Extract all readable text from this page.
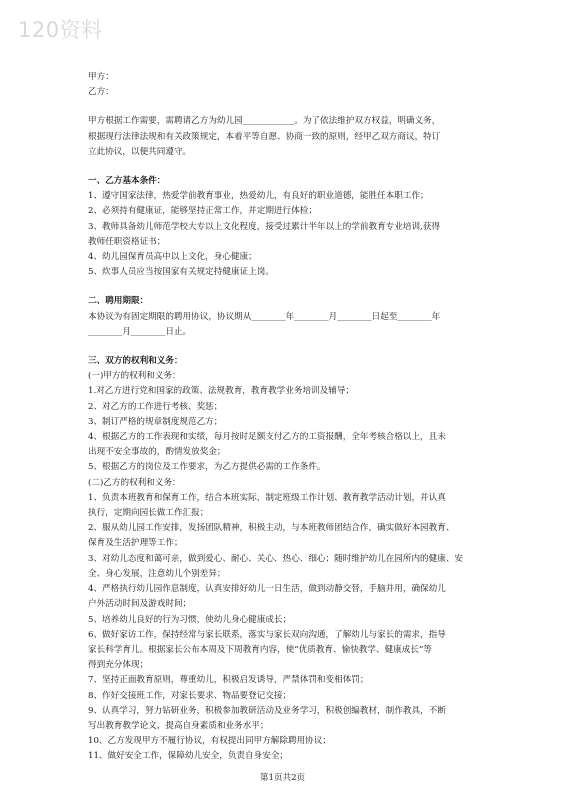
120资料
甲方：
乙方：
甲方根据工作需要，需聘请乙方为幼儿园____________。为了依法维护双方权益，明确义务，
根据现行法律法规和有关政策规定，本着平等自愿、协商一致的原则，经甲乙双方商议，特订
立此协议，以便共同遵守。
一、乙方基本条件：
1、遵守国家法律，热爱学前教育事业，热爱幼儿，有良好的职业道德，能胜任本职工作；
2、必须持有健康证，能够坚持正常工作，并定期进行体检；
3、教师具备幼儿师范学校大专以上文化程度，接受过累计半年以上的学前教育专业培训,获得
教师任职资格证书；
4、幼儿园保育员高中以上文化，身心健康；
5、炊事人员应当按国家有关规定持健康证上岗。
二、聘用期限：
本协议为有固定期限的聘用协议，协议期从________年________月________日起至________年
________月________日止。
三、双方的权利和义务：
(一)甲方的权利和义务：
1.对乙方进行党和国家的政策、法规教育，教育教学业务培训及辅导；
2、对乙方的工作进行考核、奖惩；
3、制订严格的规章制度规范乙方；
4、根据乙方的工作表现和实绩，每月按时足额支付乙方的工资报酬，全年考核合格以上，且未
出现不安全事故的，酌情发放奖金；
5、根据乙方的岗位及工作要求，为乙方提供必需的工作条件。
(二)乙方的权利和义务：
1、负责本班教育和保育工作，结合本班实际，制定班级工作计划、教育教学活动计划，并认真
执行，定期向园长做工作汇报；
2、服从幼儿园工作安排，发扬团队精神，积极主动，与本班教师团结合作，确实做好本园教育、
保育及生活护理等工作；
3、对幼儿态度和蔼可亲，做到爱心、耐心、关心、热心、细心；随时维护幼儿在园所内的健康、安
全、身心发展，注意幼儿个别差异；
4、严格执行幼儿园作息制度，认真安排好幼儿一日生活，做到动静交替，手脑并用，确保幼儿
户外活动时间及游戏时间；
5、培养幼儿良好的行为习惯，使幼儿身心健康成长；
6、做好家访工作，保持经常与家长联系，落实与家长双向沟通，了解幼儿与家长的需求，指导
家长科学育儿。根据家长公布本周及下周教育内容，使“优质教育、愉快教学、健康成长”等
得到充分体现；
7、坚持正面教育原则，尊重幼儿，积极启发诱导，严禁体罚和变相体罚；
8、作好交接班工作，对家长要求、物品要登记交接；
9、认真学习，努力钻研业务，积极参加教研活动及业务学习，积极创编教材，制作教具，不断
写出教育教学论文，提高自身素质和业务水平；
10、乙方发现甲方不履行协议，有权提出同甲方解除聘用协议；
11、做好安全工作，保障幼儿安全，负责自身安全；
第1页共2页
